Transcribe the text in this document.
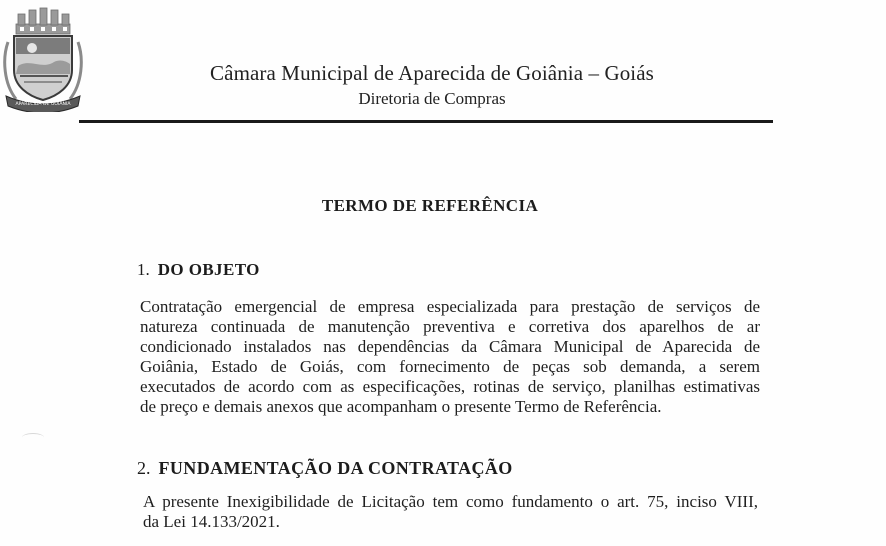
APARECIDA DE GOIÂNIA
Câmara Municipal de Aparecida de Goiânia – Goiás
Diretoria de Compras
TERMO DE REFERÊNCIA
1. DO OBJETO
Contratação emergencial de empresa especializada para prestação de serviços de
natureza continuada de manutenção preventiva e corretiva dos aparelhos de ar
condicionado instalados nas dependências da Câmara Municipal de Aparecida de
Goiânia, Estado de Goiás, com fornecimento de peças sob demanda, a serem
executados de acordo com as especificações, rotinas de serviço, planilhas estimativas
de preço e demais anexos que acompanham o presente Termo de Referência.
2. FUNDAMENTAÇÃO DA CONTRATAÇÃO
A presente Inexigibilidade de Licitação tem como fundamento o art. 75, inciso VIII,
da Lei 14.133/2021.
